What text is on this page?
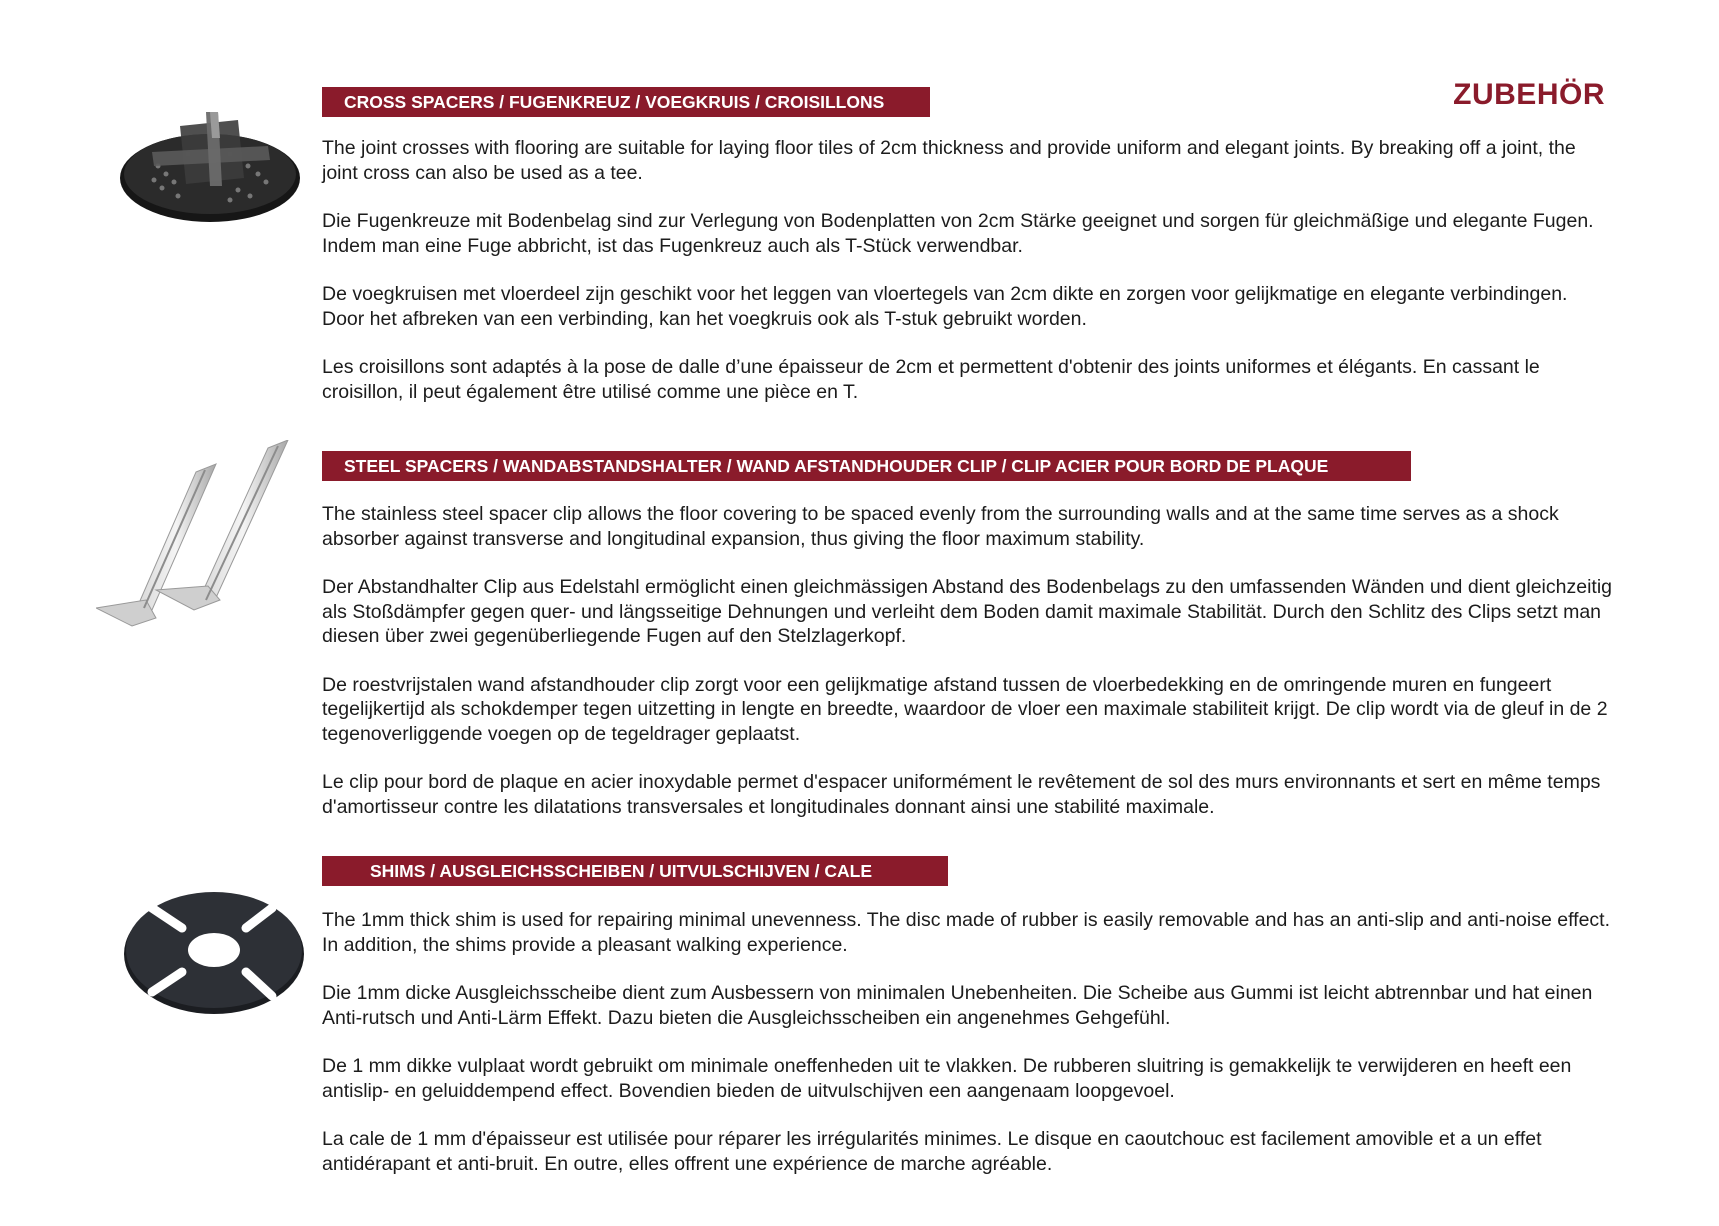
ZUBEHÖR
CROSS SPACERS / FUGENKREUZ / VOEGKRUIS / CROISILLONS

The joint crosses with flooring are suitable for laying floor tiles of 2cm thickness and provide uniform and elegant joints. By breaking off a joint, the joint cross can also be used as a tee.

Die Fugenkreuze mit Bodenbelag sind zur Verlegung von Bodenplatten von 2cm Stärke geeignet und sorgen für gleichmäßige und elegante Fugen. Indem man eine Fuge abbricht, ist das Fugenkreuz auch als T-Stück verwendbar.

De voegkruisen met vloerdeel zijn geschikt voor het leggen van vloertegels van 2cm dikte en zorgen voor gelijkmatige en elegante verbindingen. Door het afbreken van een verbinding, kan het voegkruis ook als T-stuk gebruikt worden.

Les croisillons sont adaptés à la pose de dalle d’une épaisseur de 2cm et permettent d'obtenir des joints uniformes et élégants. En cassant le croisillon, il peut également être utilisé comme une pièce en T.

STEEL SPACERS / WANDABSTANDSHALTER / WAND AFSTANDHOUDER CLIP / CLIP ACIER POUR BORD DE PLAQUE

The stainless steel spacer clip allows the floor covering to be spaced evenly from the surrounding walls and at the same time serves as a shock absorber against transverse and longitudinal expansion, thus giving the floor maximum stability.

Der Abstandhalter Clip aus Edelstahl ermöglicht einen gleichmässigen Abstand des Bodenbelags zu den umfassenden Wänden und dient gleichzeitig als Stoßdämpfer gegen quer- und längsseitige Dehnungen und verleiht dem Boden damit maximale Stabilität. Durch den Schlitz des Clips setzt man diesen über zwei gegenüberliegende Fugen auf den Stelzlagerkopf.

De roestvrijstalen wand afstandhouder clip zorgt voor een gelijkmatige afstand tussen de vloerbedekking en de omringende muren en fungeert tegelijkertijd als schokdemper tegen uitzetting in lengte en breedte, waardoor de vloer een maximale stabiliteit krijgt. De clip wordt via de gleuf in de 2 tegenoverliggende voegen op de tegeldrager geplaatst.

Le clip pour bord de plaque en acier inoxydable permet d'espacer uniformément le revêtement de sol des murs environnants et sert en même temps d'amortisseur contre les dilatations transversales et longitudinales donnant ainsi une stabilité maximale.

SHIMS / AUSGLEICHSSCHEIBEN / UITVULSCHIJVEN / CALE

The 1mm thick shim is used for repairing minimal unevenness. The disc made of rubber is easily removable and has an anti-slip and anti-noise effect. In addition, the shims provide a pleasant walking experience.

Die 1mm dicke Ausgleichsscheibe dient zum Ausbessern von minimalen Unebenheiten. Die Scheibe aus Gummi ist leicht abtrennbar und hat einen Anti-rutsch und Anti-Lärm Effekt. Dazu bieten die Ausgleichsscheiben ein angenehmes Gehgefühl.

De 1 mm dikke vulplaat wordt gebruikt om minimale oneffenheden uit te vlakken. De rubberen sluitring is gemakkelijk te verwijderen en heeft een antislip- en geluiddempend effect. Bovendien bieden de uitvulschijven een aangenaam loopgevoel.

La cale de 1 mm d'épaisseur est utilisée pour réparer les irrégularités minimes. Le disque en caoutchouc est facilement amovible et a un effet antidérapant et anti-bruit. En outre, elles offrent une expérience de marche agréable.
